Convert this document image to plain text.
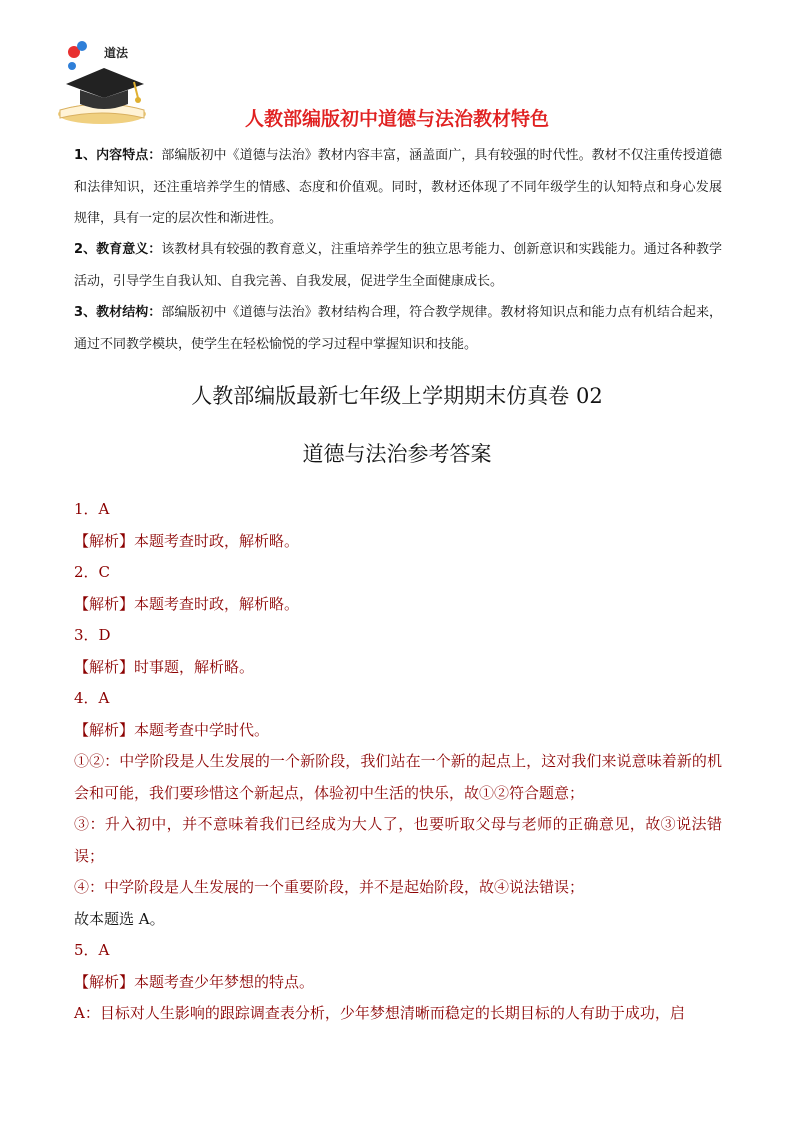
道法
人教部编版初中道德与法治教材特色
1、内容特点：部编版初中《道德与法治》教材内容丰富，涵盖面广，具有较强的时代性。教材不仅注重传授道德和法律知识，还注重培养学生的情感、态度和价值观。同时，教材还体现了不同年级学生的认知特点和身心发展规律，具有一定的层次性和渐进性。
2、教育意义：该教材具有较强的教育意义，注重培养学生的独立思考能力、创新意识和实践能力。通过各种教学活动，引导学生自我认知、自我完善、自我发展，促进学生全面健康成长。
3、教材结构：部编版初中《道德与法治》教材结构合理，符合教学规律。教材将知识点和能力点有机结合起来，通过不同教学模块，使学生在轻松愉悦的学习过程中掌握知识和技能。
人教部编版最新七年级上学期期末仿真卷 02
道德与法治参考答案
1．A
【解析】本题考查时政，解析略。
2．C
【解析】本题考查时政，解析略。
3．D
【解析】时事题，解析略。
4．A
【解析】本题考查中学时代。
①②：中学阶段是人生发展的一个新阶段，我们站在一个新的起点上，这对我们来说意味着新的机会和可能，我们要珍惜这个新起点，体验初中生活的快乐，故①②符合题意；
③：升入初中，并不意味着我们已经成为大人了，也要听取父母与老师的正确意见，故③说法错误；
④：中学阶段是人生发展的一个重要阶段，并不是起始阶段，故④说法错误；
故本题选 A。
5．A
【解析】本题考查少年梦想的特点。
A：目标对人生影响的跟踪调查表分析，少年梦想清晰而稳定的长期目标的人有助于成功，启
